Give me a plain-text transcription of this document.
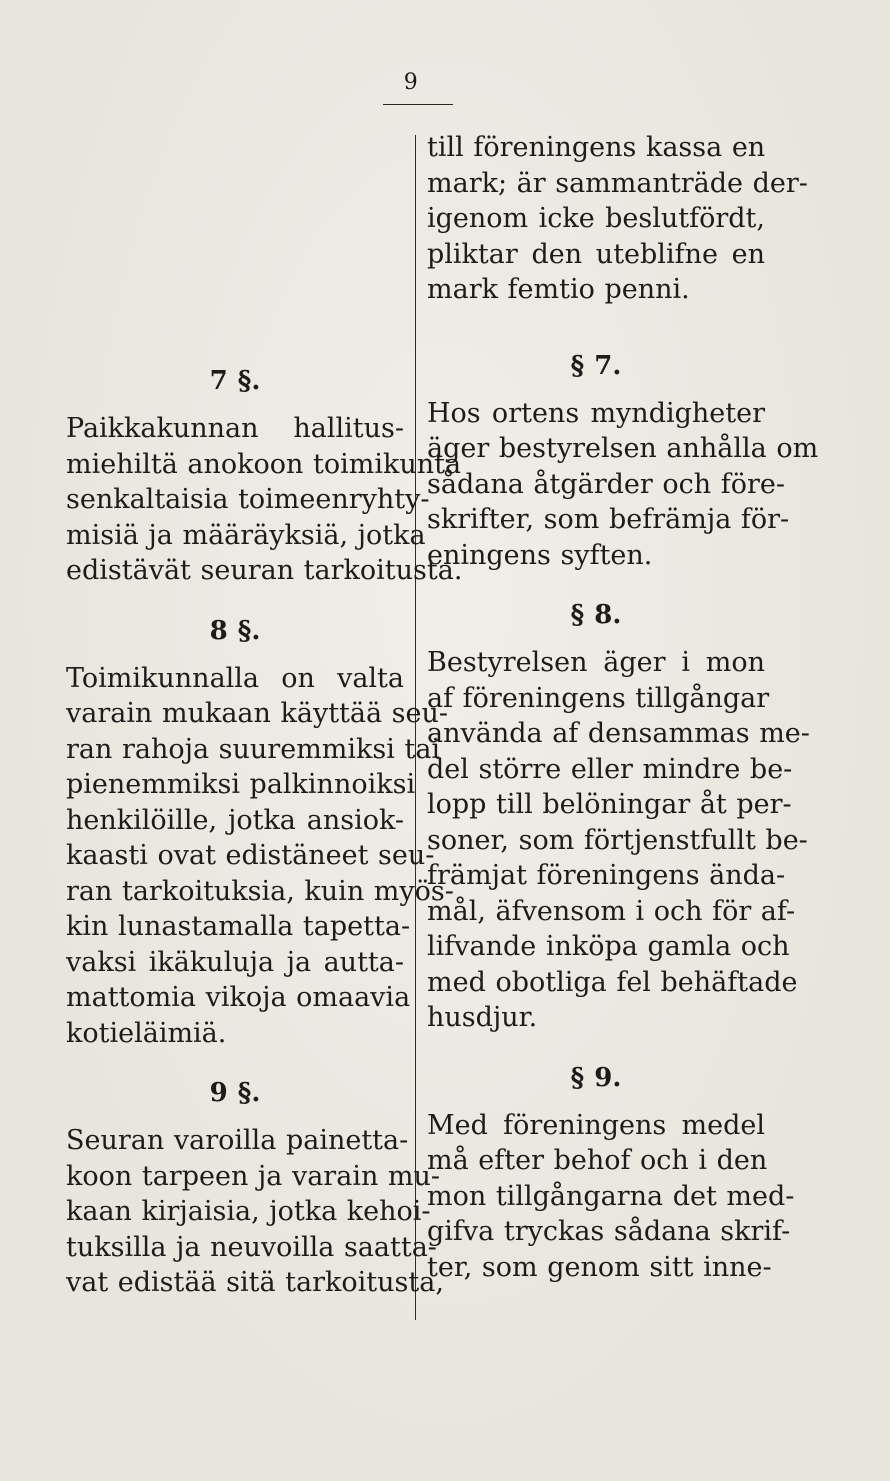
9
7 §.
Paikkakunnan hallitus-
miehiltä anokoon toimikunta
senkaltaisia toimeenryhty-
misiä ja määräyksiä, jotka
edistävät seuran tarkoitusta.
8 §.
Toimikunnalla on valta
varain mukaan käyttää seu-
ran rahoja suuremmiksi tai
pienemmiksi palkinnoiksi
henkilöille, jotka ansiok-
kaasti ovat edistäneet seu-
ran tarkoituksia, kuin myös-
kin lunastamalla tapetta-
vaksi ikäkuluja ja autta-
mattomia vikoja omaavia
kotieläimiä.
9 §.
Seuran varoilla painetta-
koon tarpeen ja varain mu-
kaan kirjaisia, jotka kehoi-
tuksilla ja neuvoilla saatta-
vat edistää sitä tarkoitusta,
till föreningens kassa en
mark; är sammanträde der-
igenom icke beslutfördt,
pliktar den uteblifne en
mark femtio penni.
§ 7.
Hos ortens myndigheter
äger bestyrelsen anhålla om
sådana åtgärder och före-
skrifter, som befrämja för-
eningens syften.
§ 8.
Bestyrelsen äger i mon
af föreningens tillgångar
använda af densammas me-
del större eller mindre be-
lopp till belöningar åt per-
soner, som förtjenstfullt be-
främjat föreningens ända-
mål, äfvensom i och för af-
lifvande inköpa gamla och
med obotliga fel behäftade
husdjur.
§ 9.
Med föreningens medel
må efter behof och i den
mon tillgångarna det med-
gifva tryckas sådana skrif-
ter, som genom sitt inne-
